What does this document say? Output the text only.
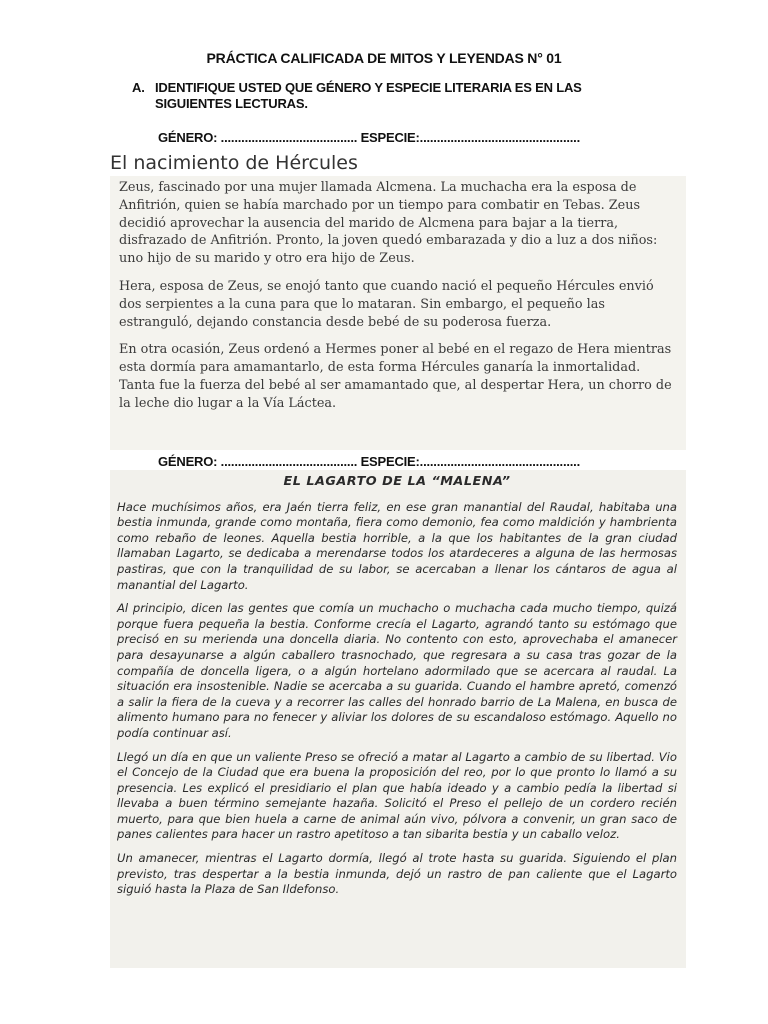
PRÁCTICA CALIFICADA DE MITOS Y LEYENDAS N° 01
A. IDENTIFIQUE USTED QUE GÉNERO Y ESPECIE LITERARIA ES EN LAS SIGUIENTES LECTURAS.
GÉNERO: ........................................ ESPECIE:...............................................
El nacimiento de Hércules

Zeus, fascinado por una mujer llamada Alcmena. La muchacha era la esposa de Anfitrión, quien se había marchado por un tiempo para combatir en Tebas. Zeus decidió aprovechar la ausencia del marido de Alcmena para bajar a la tierra, disfrazado de Anfitrión. Pronto, la joven quedó embarazada y dio a luz a dos niños: uno hijo de su marido y otro era hijo de Zeus.

Hera, esposa de Zeus, se enojó tanto que cuando nació el pequeño Hércules envió dos serpientes a la cuna para que lo mataran. Sin embargo, el pequeño las estranguló, dejando constancia desde bebé de su poderosa fuerza.

En otra ocasión, Zeus ordenó a Hermes poner al bebé en el regazo de Hera mientras esta dormía para amamantarlo, de esta forma Hércules ganaría la inmortalidad. Tanta fue la fuerza del bebé al ser amamantado que, al despertar Hera, un chorro de la leche dio lugar a la Vía Láctea.

GÉNERO: ........................................ ESPECIE:...............................................
EL LAGARTO DE LA “MALENA”

Hace muchísimos años, era Jaén tierra feliz, en ese gran manantial del Raudal, habitaba una bestia inmunda, grande como montaña, fiera como demonio, fea como maldición y hambrienta como rebaño de leones. Aquella bestia horrible, a la que los habitantes de la gran ciudad llamaban Lagarto, se dedicaba a merendarse todos los atardeceres a alguna de las hermosas pastiras, que con la tranquilidad de su labor, se acercaban a llenar los cántaros de agua al manantial del Lagarto.

Al principio, dicen las gentes que comía un muchacho o muchacha cada mucho tiempo, quizá porque fuera pequeña la bestia. Conforme crecía el Lagarto, agrandó tanto su estómago que precisó en su merienda una doncella diaria. No contento con esto, aprovechaba el amanecer para desayunarse a algún caballero trasnochado, que regresara a su casa tras gozar de la compañía de doncella ligera, o a algún hortelano adormilado que se acercara al raudal. La situación era insostenible. Nadie se acercaba a su guarida. Cuando el hambre apretó, comenzó a salir la fiera de la cueva y a recorrer las calles del honrado barrio de La Malena, en busca de alimento humano para no fenecer y aliviar los dolores de su escandaloso estómago. Aquello no podía continuar así.

Llegó un día en que un valiente Preso se ofreció a matar al Lagarto a cambio de su libertad. Vio el Concejo de la Ciudad que era buena la proposición del reo, por lo que pronto lo llamó a su presencia. Les explicó el presidiario el plan que había ideado y a cambio pedía la libertad si llevaba a buen término semejante hazaña. Solicitó el Preso el pellejo de un cordero recién muerto, para que bien huela a carne de animal aún vivo, pólvora a convenir, un gran saco de panes calientes para hacer un rastro apetitoso a tan sibarita bestia y un caballo veloz.

Un amanecer, mientras el Lagarto dormía, llegó al trote hasta su guarida. Siguiendo el plan previsto, tras despertar a la bestia inmunda, dejó un rastro de pan caliente que el Lagarto siguió hasta la Plaza de San Ildefonso.
